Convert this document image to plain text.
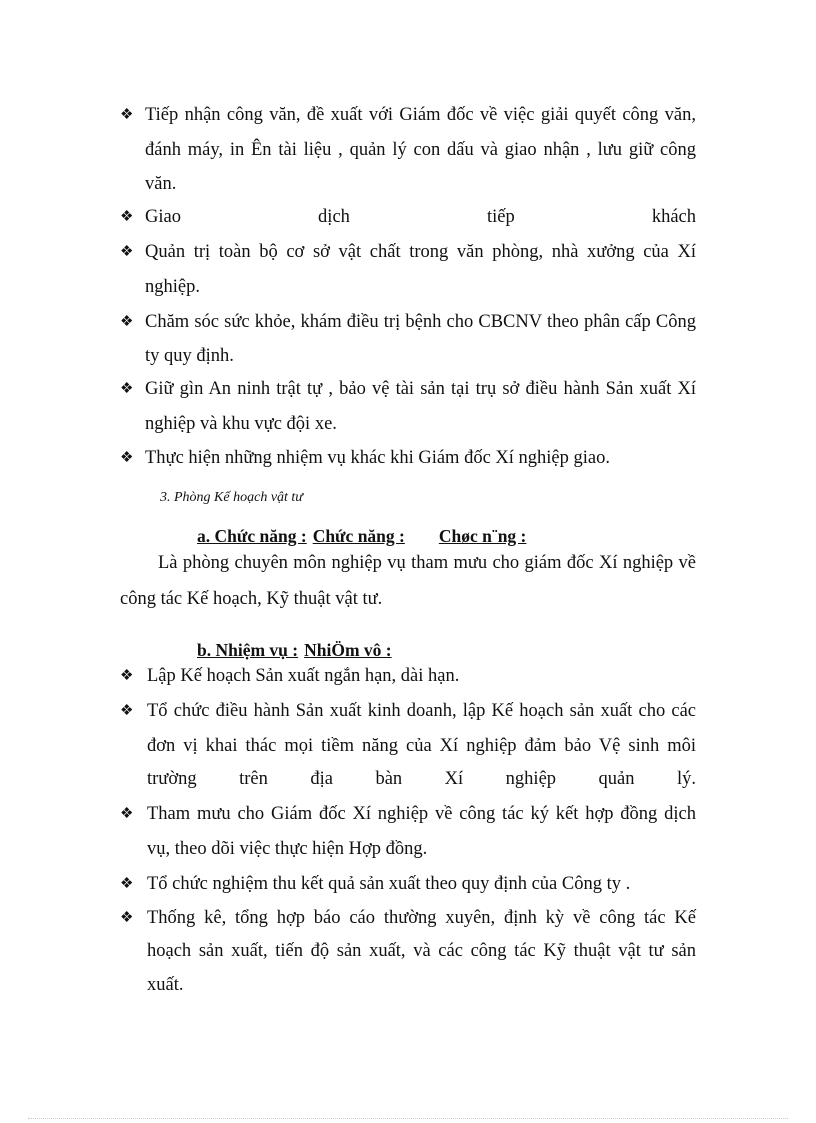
❖ Tiếp nhận công văn, đề xuất với Giám đốc về việc giải quyết công văn,
đánh máy, in Ên tài liệu , quản lý con dấu và giao nhận , lưu giữ công
văn.
❖ Giao dịch tiếp khách
❖ Quản trị toàn bộ cơ sở vật chất trong văn phòng, nhà xưởng của Xí
nghiệp.
❖ Chăm sóc sức khỏe, khám điều trị bệnh cho CBCNV theo phân cấp Công
ty quy định.
❖ Giữ gìn An ninh trật tự , bảo vệ tài sản tại trụ sở điều hành Sản xuất Xí
nghiệp và khu vực đội xe.
❖ Thực hiện những nhiệm vụ khác khi Giám đốc Xí nghiệp giao.
3. Phòng Kế hoạch vật tư
a. Chức năng : Chức năng : Chøc n¨ng :
Là phòng chuyên môn nghiệp vụ tham mưu cho giám đốc Xí nghiệp về
công tác Kế hoạch, Kỹ thuật vật tư.
b. Nhiệm vụ : NhiÖm vô :
❖ Lập Kế hoạch Sản xuất ngắn hạn, dài hạn.
❖ Tổ chức điều hành Sản xuất kinh doanh, lập Kế hoạch sản xuất cho các
đơn vị khai thác mọi tiềm năng của Xí nghiệp đảm bảo Vệ sinh môi
trường trên địa bàn Xí nghiệp quản lý.
❖ Tham mưu cho Giám đốc Xí nghiệp về công tác ký kết hợp đồng dịch
vụ, theo dõi việc thực hiện Hợp đồng.
❖ Tổ chức nghiệm thu kết quả sản xuất theo quy định của Công ty .
❖ Thống kê, tổng hợp báo cáo thường xuyên, định kỳ về công tác Kế
hoạch sản xuất, tiến độ sản xuất, và các công tác Kỹ thuật vật tư sản
xuất.
